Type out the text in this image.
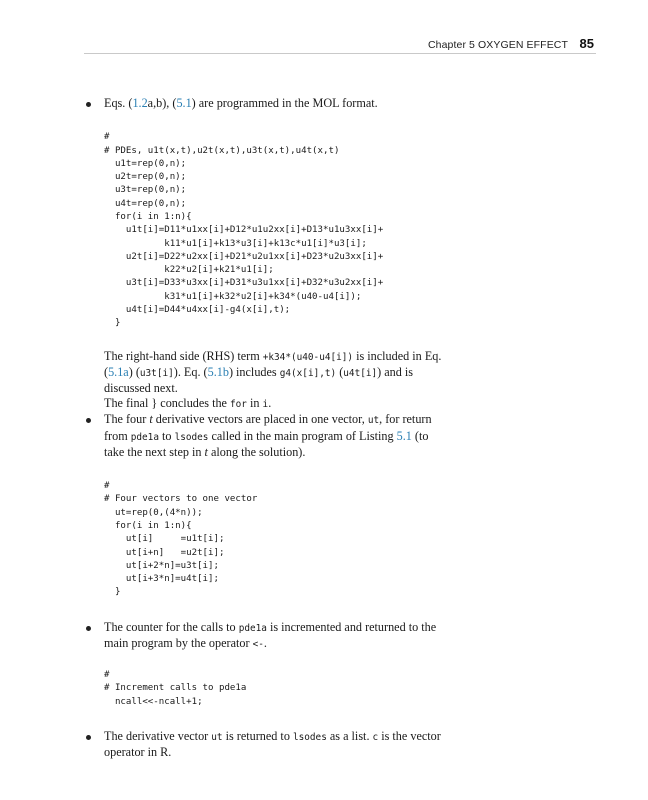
Chapter 5 OXYGEN EFFECT 85
Eqs. (1.2a,b), (5.1) are programmed in the MOL format.
#
# PDEs, u1t(x,t),u2t(x,t),u3t(x,t),u4t(x,t)
u1t=rep(0,n);
u2t=rep(0,n);
u3t=rep(0,n);
u4t=rep(0,n);
for(i in 1:n){
u1t[i]=D11*u1xx[i]+D12*u1u2xx[i]+D13*u1u3xx[i]+
k11*u1[i]+k13*u3[i]+k13c*u1[i]*u3[i];
u2t[i]=D22*u2xx[i]+D21*u2u1xx[i]+D23*u2u3xx[i]+
k22*u2[i]+k21*u1[i];
u3t[i]=D33*u3xx[i]+D31*u3u1xx[i]+D32*u3u2xx[i]+
k31*u1[i]+k32*u2[i]+k34*(u40-u4[i]);
u4t[i]=D44*u4xx[i]-g4(x[i],t);
}
The right-hand side (RHS) term +k34*(u40-u4[i]) is included in Eq. (5.1a) (u3t[i]). Eq. (5.1b) includes g4(x[i],t) (u4t[i]) and is discussed next.
The final } concludes the for in i.
The four t derivative vectors are placed in one vector, ut, for return from pde1a to lsodes called in the main program of Listing 5.1 (to take the next step in t along the solution).
#
# Four vectors to one vector
ut=rep(0,(4*n));
for(i in 1:n){
ut[i]     =u1t[i];
ut[i+n]   =u2t[i];
ut[i+2*n]=u3t[i];
ut[i+3*n]=u4t[i];
}
The counter for the calls to pde1a is incremented and returned to the main program by the operator <-.
#
# Increment calls to pde1a
ncall<<-ncall+1;
The derivative vector ut is returned to lsodes as a list. c is the vector operator in R.
